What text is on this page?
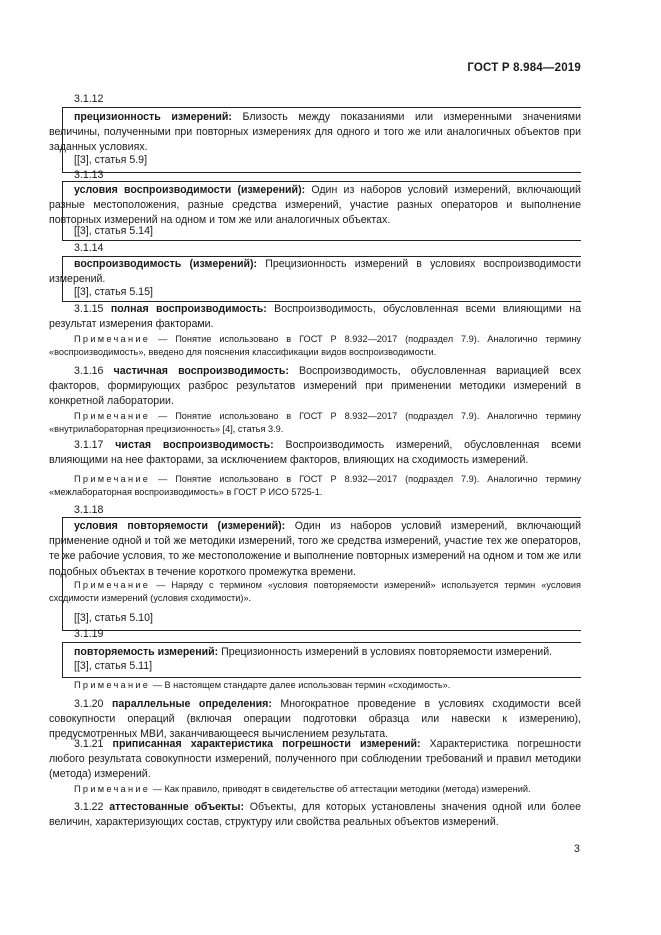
ГОСТ Р 8.984—2019
3.1.12
прецизионность измерений: Близость между показаниями или измеренными значениями величины, полученными при повторных измерениях для одного и того же или аналогичных объектов при заданных условиях.
[[3], статья 5.9]
3.1.13
условия воспроизводимости (измерений): Один из наборов условий измерений, включающий разные местоположения, разные средства измерений, участие разных операторов и выполнение повторных измерений на одном и том же или аналогичных объектах.
[[3], статья 5.14]
3.1.14
воспроизводимость (измерений): Прецизионность измерений в условиях воспроизводимости измерений.
[[3], статья 5.15]
3.1.15 полная воспроизводимость: Воспроизводимость, обусловленная всеми влияющими на результат измерения факторами.
Примечание — Понятие использовано в ГОСТ Р 8.932—2017 (подраздел 7.9). Аналогично термину «воспроизводимость», введено для пояснения классификации видов воспроизводимости.
3.1.16 частичная воспроизводимость: Воспроизводимость, обусловленная вариацией всех факторов, формирующих разброс результатов измерений при применении методики измерений в конкретной лаборатории.
Примечание — Понятие использовано в ГОСТ Р 8.932—2017 (подраздел 7.9). Аналогично термину «внутрилабораторная прецизионность» [4], статья 3.9.
3.1.17 чистая воспроизводимость: Воспроизводимость измерений, обусловленная всеми влияющими на нее факторами, за исключением факторов, влияющих на сходимость измерений.
Примечание — Понятие использовано в ГОСТ Р 8.932—2017 (подраздел 7.9). Аналогично термину «межлабораторная воспроизводимость» в ГОСТ Р ИСО 5725-1.
3.1.18
условия повторяемости (измерений): Один из наборов условий измерений, включающий применение одной и той же методики измерений, того же средства измерений, участие тех же операторов, те же рабочие условия, то же местоположение и выполнение повторных измерений на одном и том же или подобных объектах в течение короткого промежутка времени.
Примечание — Наряду с термином «условия повторяемости измерений» используется термин «условия сходимости измерений (условия сходимости)».
[[3], статья 5.10]
3.1.19
повторяемость измерений: Прецизионность измерений в условиях повторяемости измерений.
[[3], статья 5.11]
Примечание — В настоящем стандарте далее использован термин «сходимость».
3.1.20 параллельные определения: Многократное проведение в условиях сходимости всей совокупности операций (включая операции подготовки образца или навески к измерению), предусмотренных МВИ, заканчивающееся вычислением результата.
3.1.21 приписанная характеристика погрешности измерений: Характеристика погрешности любого результата совокупности измерений, полученного при соблюдении требований и правил методики (метода) измерений.
Примечание — Как правило, приводят в свидетельстве об аттестации методики (метода) измерений.
3.1.22 аттестованные объекты: Объекты, для которых установлены значения одной или более величин, характеризующих состав, структуру или свойства реальных объектов измерений.
3
